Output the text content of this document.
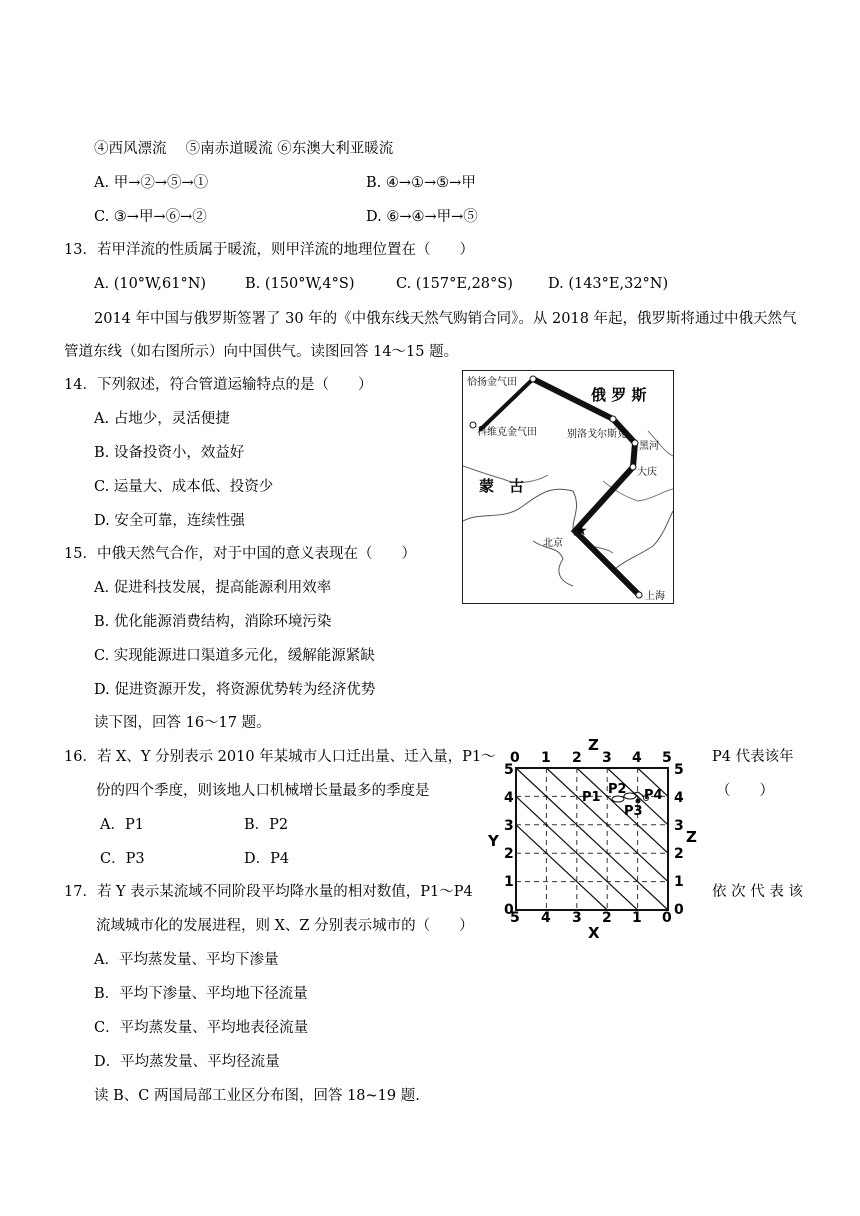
④西风漂流　 ⑤南赤道暖流 ⑥东澳大利亚暖流
A. 甲→②→⑤→①	B. ④→①→⑤→甲
C. ③→甲→⑥→②	D. ⑥→④→甲→⑤
13．若甲洋流的性质属于暖流，则甲洋流的地理位置在（　　）
A. (10°W,61°N)	B. (150°W,4°S)	C. (157°E,28°S) D. (143°E,32°N)
2014 年中国与俄罗斯签署了 30 年的《中俄东线天然气购销合同》。从 2018 年起，俄罗斯将通过中俄天然气
管道东线（如右图所示）向中国供气。读图回答 14～15 题。
14．下列叙述，符合管道运输特点的是（　　）
A. 占地少，灵活便捷
B. 设备投资小，效益好
C. 运量大、成本低、投资少
D. 安全可靠，连续性强
15．中俄天然气合作，对于中国的意义表现在（　　）
A. 促进科技发展，提高能源利用效率
B. 优化能源消费结构，消除环境污染
C. 实现能源进口渠道多元化，缓解能源紧缺
D. 促进资源开发，将资源优势转为经济优势
读下图，回答 16～17 题。
16．若 X、Y 分别表示 2010 年某城市人口迁出量、迁入量，P1～	P4 代表该年
份的四个季度，则该地人口机械增长量最多的季度是	（　　）
A．P1	B．P2
C．P3	D．P4
17．若 Y 表示某流域不同阶段平均降水量的相对数值，P1～P4	依 次 代 表 该
流域城市化的发展进程，则 X、Z 分别表示城市的（　　）
A．平均蒸发量、平均下渗量
B．平均下渗量、平均地下径流量
C．平均蒸发量、平均地表径流量
D．平均蒸发量、平均径流量
读 B、C 两国局部工业区分布图，回答 18~19 题.
★
恰扬金气田
科维克金气田
俄 罗 斯
别洛戈尔斯克
黑河
大庆
蒙　古
北京
上海
Z
Y	Z
X
0 1 2 3 4 5
5 4 3 2 1 0
5
4
3
2
1
0
5
4
3
2
1
0
P1
P2
P3
P4
